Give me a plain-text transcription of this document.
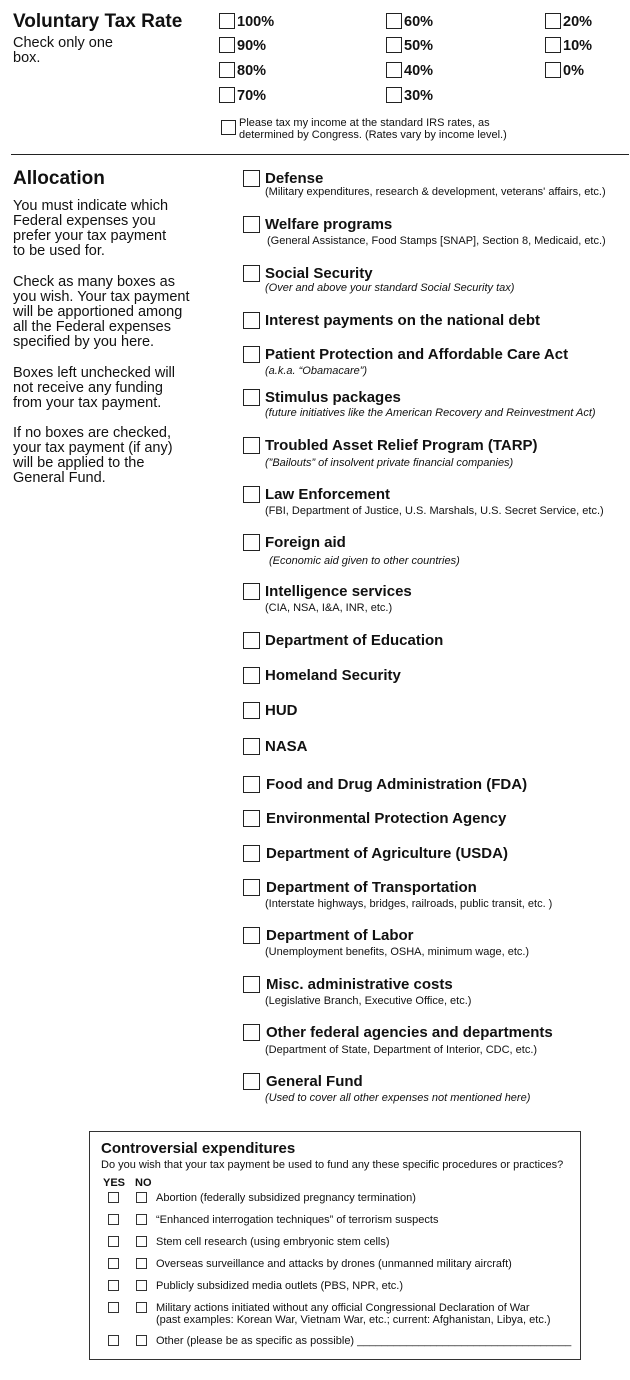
Voluntary Tax Rate
Check only one
box.
100%	60%	20%
90%	50%	10%
80%	40%	0%
70%	30%
Please tax my income at the standard IRS rates, as
determined by Congress. (Rates vary by income level.)
Allocation
You must indicate which
Federal expenses you
prefer your tax payment
to be used for.
Check as many boxes as
you wish. Your tax payment
will be apportioned among
all the Federal expenses
specified by you here.
Boxes left unchecked will
not receive any funding
from your tax payment.
If no boxes are checked,
your tax payment (if any)
will be applied to the
General Fund.
Defense
(Military expenditures, research & development, veterans' affairs, etc.)
Welfare programs
(General Assistance, Food Stamps [SNAP], Section 8, Medicaid, etc.)
Social Security
(Over and above your standard Social Security tax)
Interest payments on the national debt
Patient Protection and Affordable Care Act
(a.k.a. “Obamacare”)
Stimulus packages
(future initiatives like the American Recovery and Reinvestment Act)
Troubled Asset Relief Program (TARP)
(”Bailouts” of insolvent private financial companies)
Law Enforcement
(FBI, Department of Justice, U.S. Marshals, U.S. Secret Service, etc.)
Foreign aid
(Economic aid given to other countries)
Intelligence services
(CIA, NSA, I&A, INR, etc.)
Department of Education
Homeland Security
HUD
NASA
Food and Drug Administration (FDA)
Environmental Protection Agency
Department of Agriculture (USDA)
Department of Transportation
(Interstate highways, bridges, railroads, public transit, etc. )
Department of Labor
(Unemployment benefits, OSHA, minimum wage, etc.)
Misc. administrative costs
(Legislative Branch, Executive Office, etc.)
Other federal agencies and departments
(Department of State, Department of Interior, CDC, etc.)
General Fund
(Used to cover all other expenses not mentioned here)
Controversial expenditures
Do you wish that your tax payment be used to fund any these specific procedures or practices?
YES NO
Abortion (federally subsidized pregnancy termination)
“Enhanced interrogation techniques” of terrorism suspects
Stem cell research (using embryonic stem cells)
Overseas surveillance and attacks by drones (unmanned military aircraft)
Publicly subsidized media outlets (PBS, NPR, etc.)
Military actions initiated without any official Congressional Declaration of War
(past examples: Korean War, Vietnam War, etc.; current: Afghanistan, Libya, etc.)
Other (please be as specific as possible) ___________________________________
